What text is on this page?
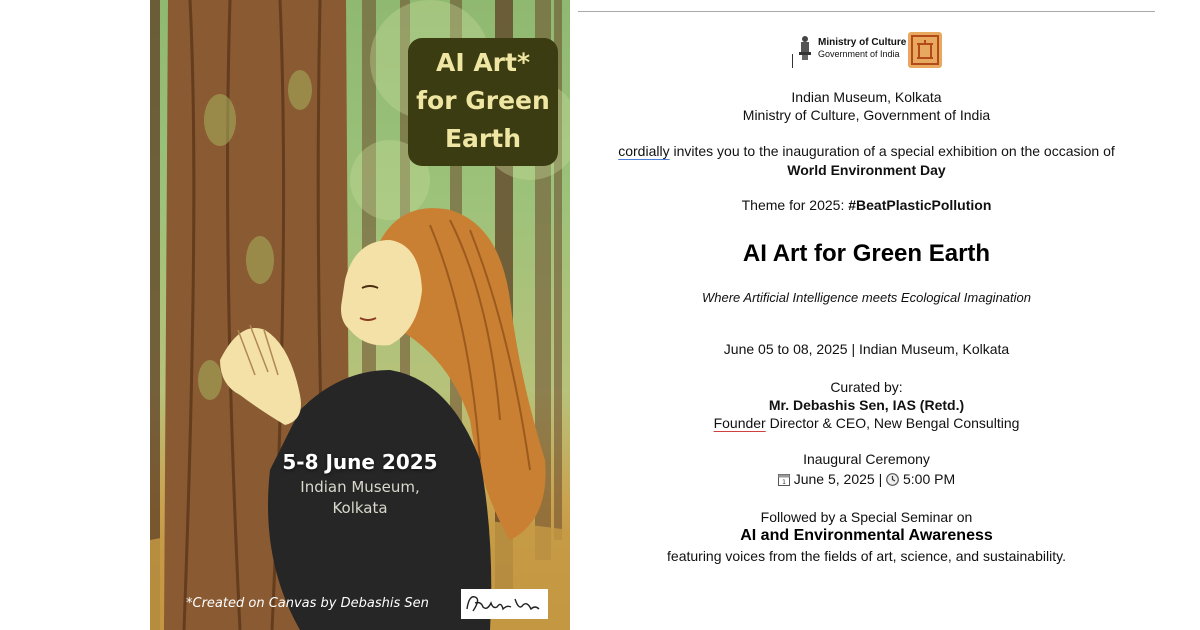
AI Art* for Green Earth
5-8 June 2025
Indian Museum, Kolkata
*Created on Canvas by Debashis Sen
Ministry of Culture
Government of India
Indian Museum, Kolkata
Ministry of Culture, Government of India
cordially invites you to the inauguration of a special exhibition on the occasion of
World Environment Day
Theme for 2025: #BeatPlasticPollution
AI Art for Green Earth
Where Artificial Intelligence meets Ecological Imagination
June 05 to 08, 2025 | Indian Museum, Kolkata
Curated by:
Mr. Debashis Sen, IAS (Retd.)
Founder Director & CEO, New Bengal Consulting
Inaugural Ceremony
1 June 5, 2025 |  5:00 PM
Followed by a Special Seminar on
AI and Environmental Awareness
featuring voices from the fields of art, science, and sustainability.
